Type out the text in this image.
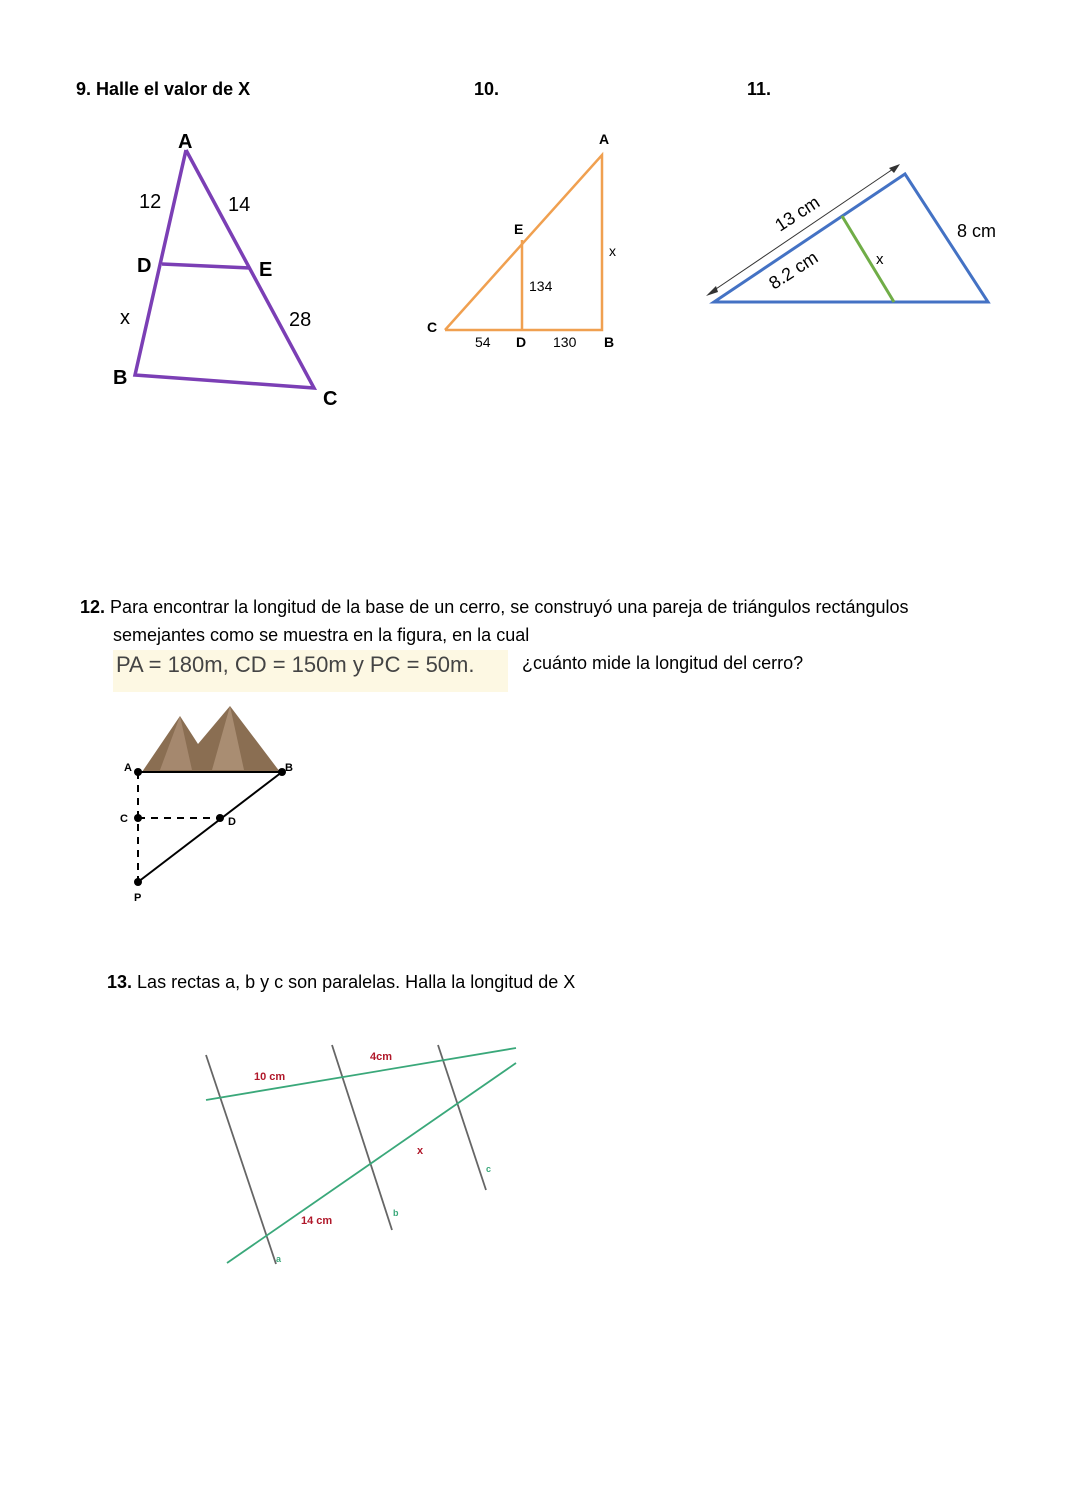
9. Halle el valor de X	10.	11.
12. Para encontrar la longitud de la base de un cerro, se construyó una pareja de triángulos rectángulos
semejantes como se muestra en la figura, en la cual
PA = 180m, CD = 150m y PC = 50m.	¿cuánto mide la longitud del cerro?
13. Las rectas a, b y c son paralelas. Halla la longitud de X
A
12	14
D	E
x	28
B
C
A
E
x
134
C
54 D 130 B
13 cm
8.2 cm	x
8 cm
A	B
C	D
P
4cm
10 cm
x
14 cm
c
b
a
